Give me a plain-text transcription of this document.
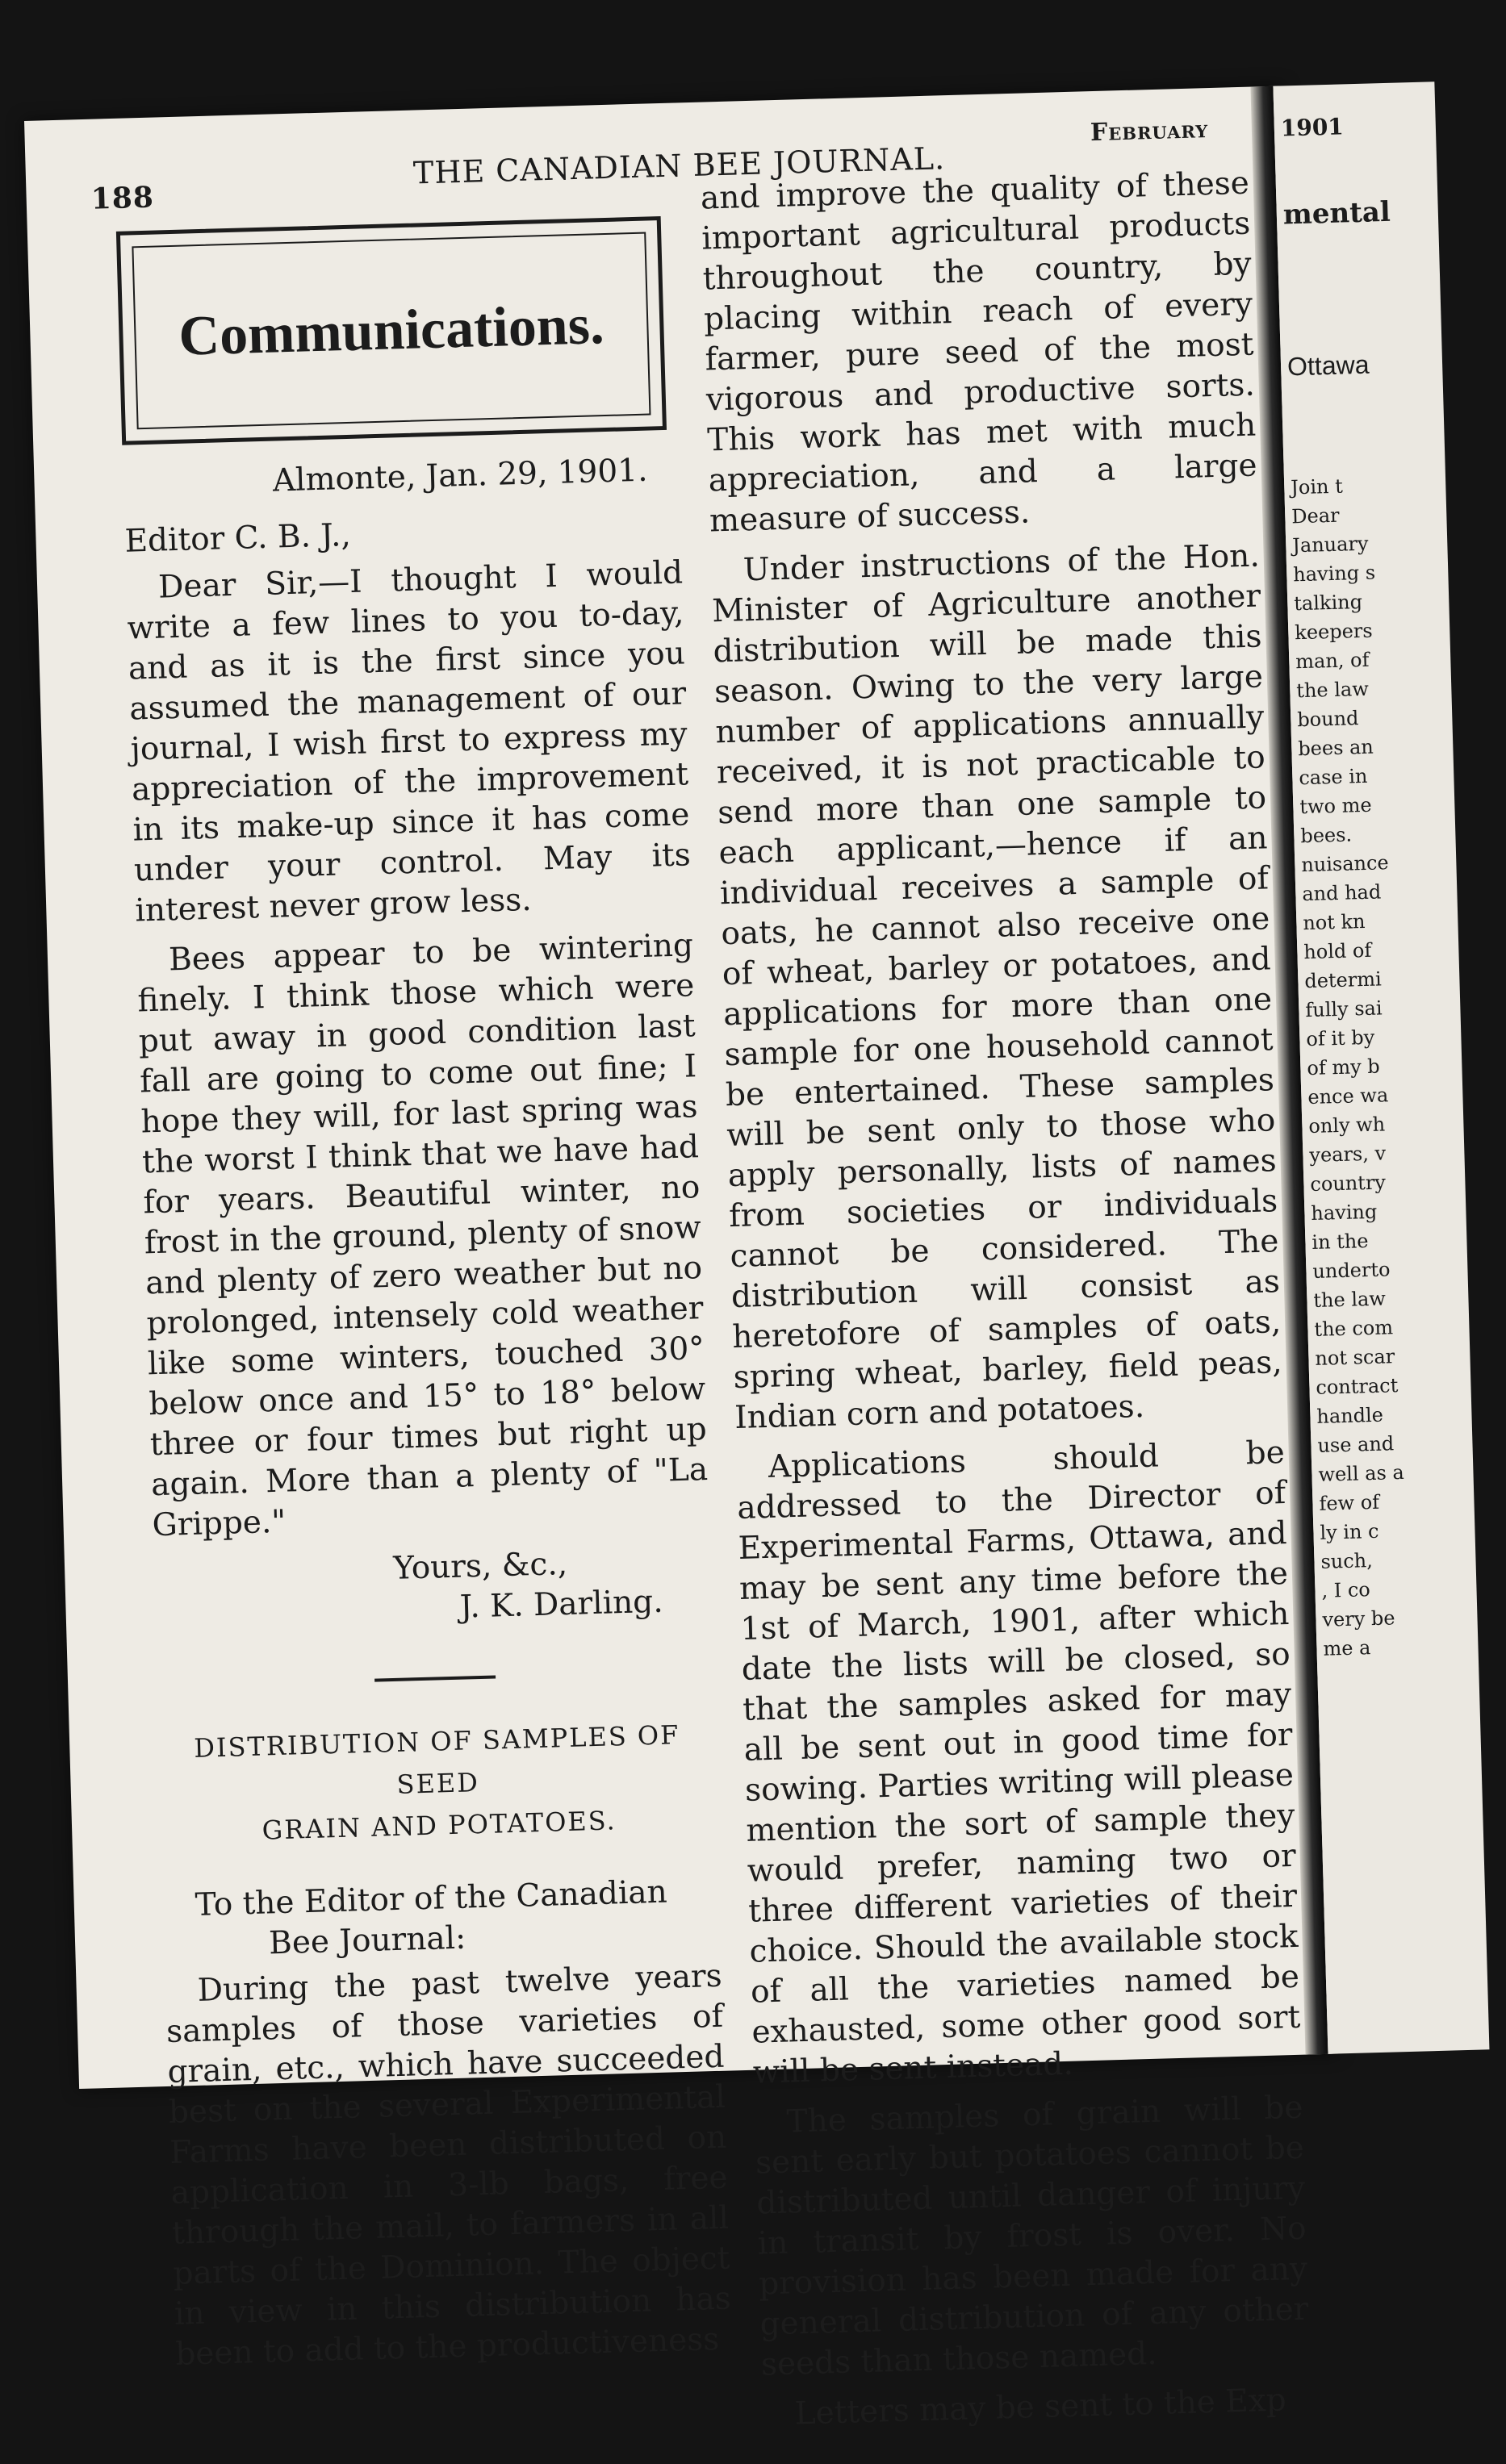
188
THE CANADIAN BEE JOURNAL.
February
Communications.
Almonte, Jan. 29, 1901.
Editor C. B. J.,

Dear Sir,—I thought I would write a few lines to you to-day, and as it is the first since you assumed the management of our journal, I wish first to express my appreciation of the improvement in its make-up since it has come under your control. May its interest never grow less.

Bees appear to be wintering finely. I think those which were put away in good condition last fall are going to come out fine; I hope they will, for last spring was the worst I think that we have had for years. Beautiful winter, no frost in the ground, plenty of snow and plenty of zero weather but no prolonged, intensely cold weather like some winters, touched 30° below once and 15° to 18° below three or four times but right up again. More than a plenty of "La Grippe."

Yours, &c.,
J. K. Darling.
DISTRIBUTION OF SAMPLES OF SEED
GRAIN AND POTATOES.
To the Editor of the Canadian Bee Journal:

During the past twelve years samples of those varieties of grain, etc., which have succeeded best on the several Experimental Farms have been distributed on application in 3-lb bags, free through the mail, to farmers in all parts of the Dominion. The object in view in this distribution has been to add to the productiveness

and improve the quality of these important agricultural products throughout the country, by placing within reach of every farmer, pure seed of the most vigorous and productive sorts. This work has met with much appreciation, and a large measure of success.

Under instructions of the Hon. Minister of Agriculture another distribution will be made this season. Owing to the very large number of applications annually received, it is not practicable to send more than one sample to each applicant,—hence if an individual receives a sample of oats, he cannot also receive one of wheat, barley or potatoes, and applications for more than one sample for one household cannot be entertained. These samples will be sent only to those who apply personally, lists of names from societies or individuals cannot be considered. The distribution will consist as heretofore of samples of oats, spring wheat, barley, field peas, Indian corn and potatoes.

Applications should be addressed to the Director of Experimental Farms, Ottawa, and may be sent any time before the 1st of March, 1901, after which date the lists will be closed, so that the samples asked for may all be sent out in good time for sowing. Parties writing will please mention the sort of sample they would prefer, naming two or three different varieties of their choice. Should the available stock of all the varieties named be exhausted, some other good sort will be sent instead.

The samples of grain will be sent early but potatoes cannot be distributed until danger of injury in transit by frost is over. No provision has been made for any general distribution of any other seeds than those named.

Letters may be sent to the Exp

1901
mental
Ottawa
Join t
Dear
January
having s
talking
keepers
man, of
the law
bound
bees an
case in
two me
bees.
nuisance
and had
not kn
hold of
determi
fully sai
of it by
of my b
ence wa
only wh
years, v
country
having
in the
underto
the law
the com
not scar
contract
handle
use and
well as a
few of
ly in c
such,
, I co
very be
me a
